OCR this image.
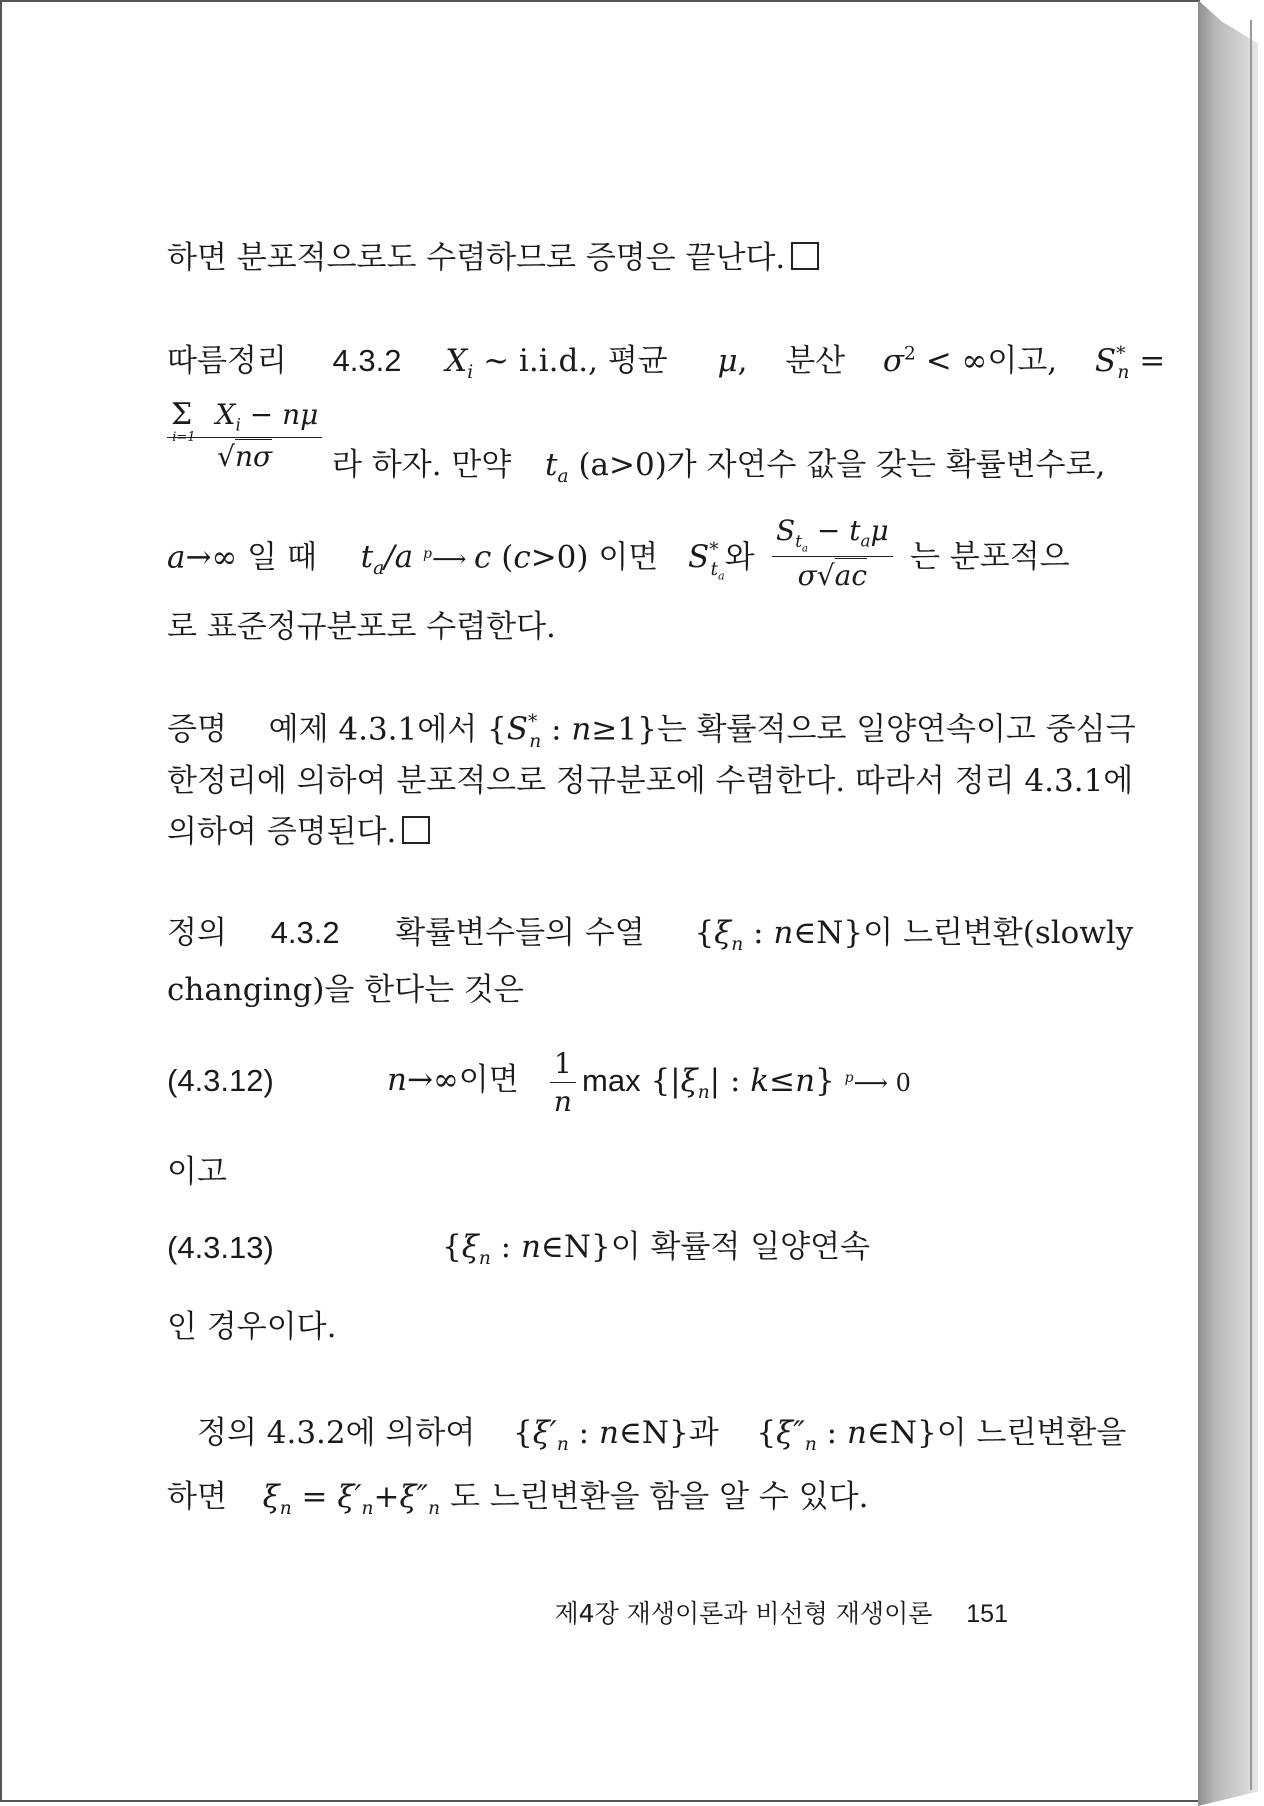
하면 분포적으로도 수렴하므로 증명은 끝난다.
따름정리 4.3.2 $X_i$ ~ i.i.d., 평균 μ,  분산 $\sigma^2$ < ∞이고, $S^*_n$ =
$\frac{\Sigma_{i=1}X_i - n\mu}{√n\sigma}$ 라 하자. 만약 $t_a$ (a>0)가 자연수 값을 갖는 확률변수로,
a→∞ 일 때 $t_a/a$ $^p$⟶ c (c>0) 이면 $S^*_{t_a}$와 $\frac{S_{t_a} - t_a\mu}{\sigma√ac}$ 는 분포적으
로 표준정규분포로 수렴한다.
증명 예제 4.3.1에서 {$S^*_n$ : n≥1}는 확률적으로 일양연속이고 중심극
한정리에 의하여 분포적으로 정규분포에 수렴한다. 따라서 정리 4.3.1에
의하여 증명된다.
정의 4.3.2 확률변수들의 수열 {$\xi_n$ : n∈N}이 느린변환(slowly
changing)을 한다는 것은
(4.3.12)	n→∞이면 $\frac{1}{n}$ $\max \{|\xi_n|$ : k≤n} $^p$⟶ 0
이고
(4.3.13)	{$\xi_n$ : n∈N}이 확률적 일양연속
인 경우이다.
정의 4.3.2에 의하여 {$\xi'_n$ : n∈N}과 {$\xi''_n$ : n∈N}이 느린변환을
하면 $\xi_n = \xi'_n+\xi''_n$ 도 느린변환을 함을 알 수 있다.
제4장 재생이론과 비선형 재생이론 151
